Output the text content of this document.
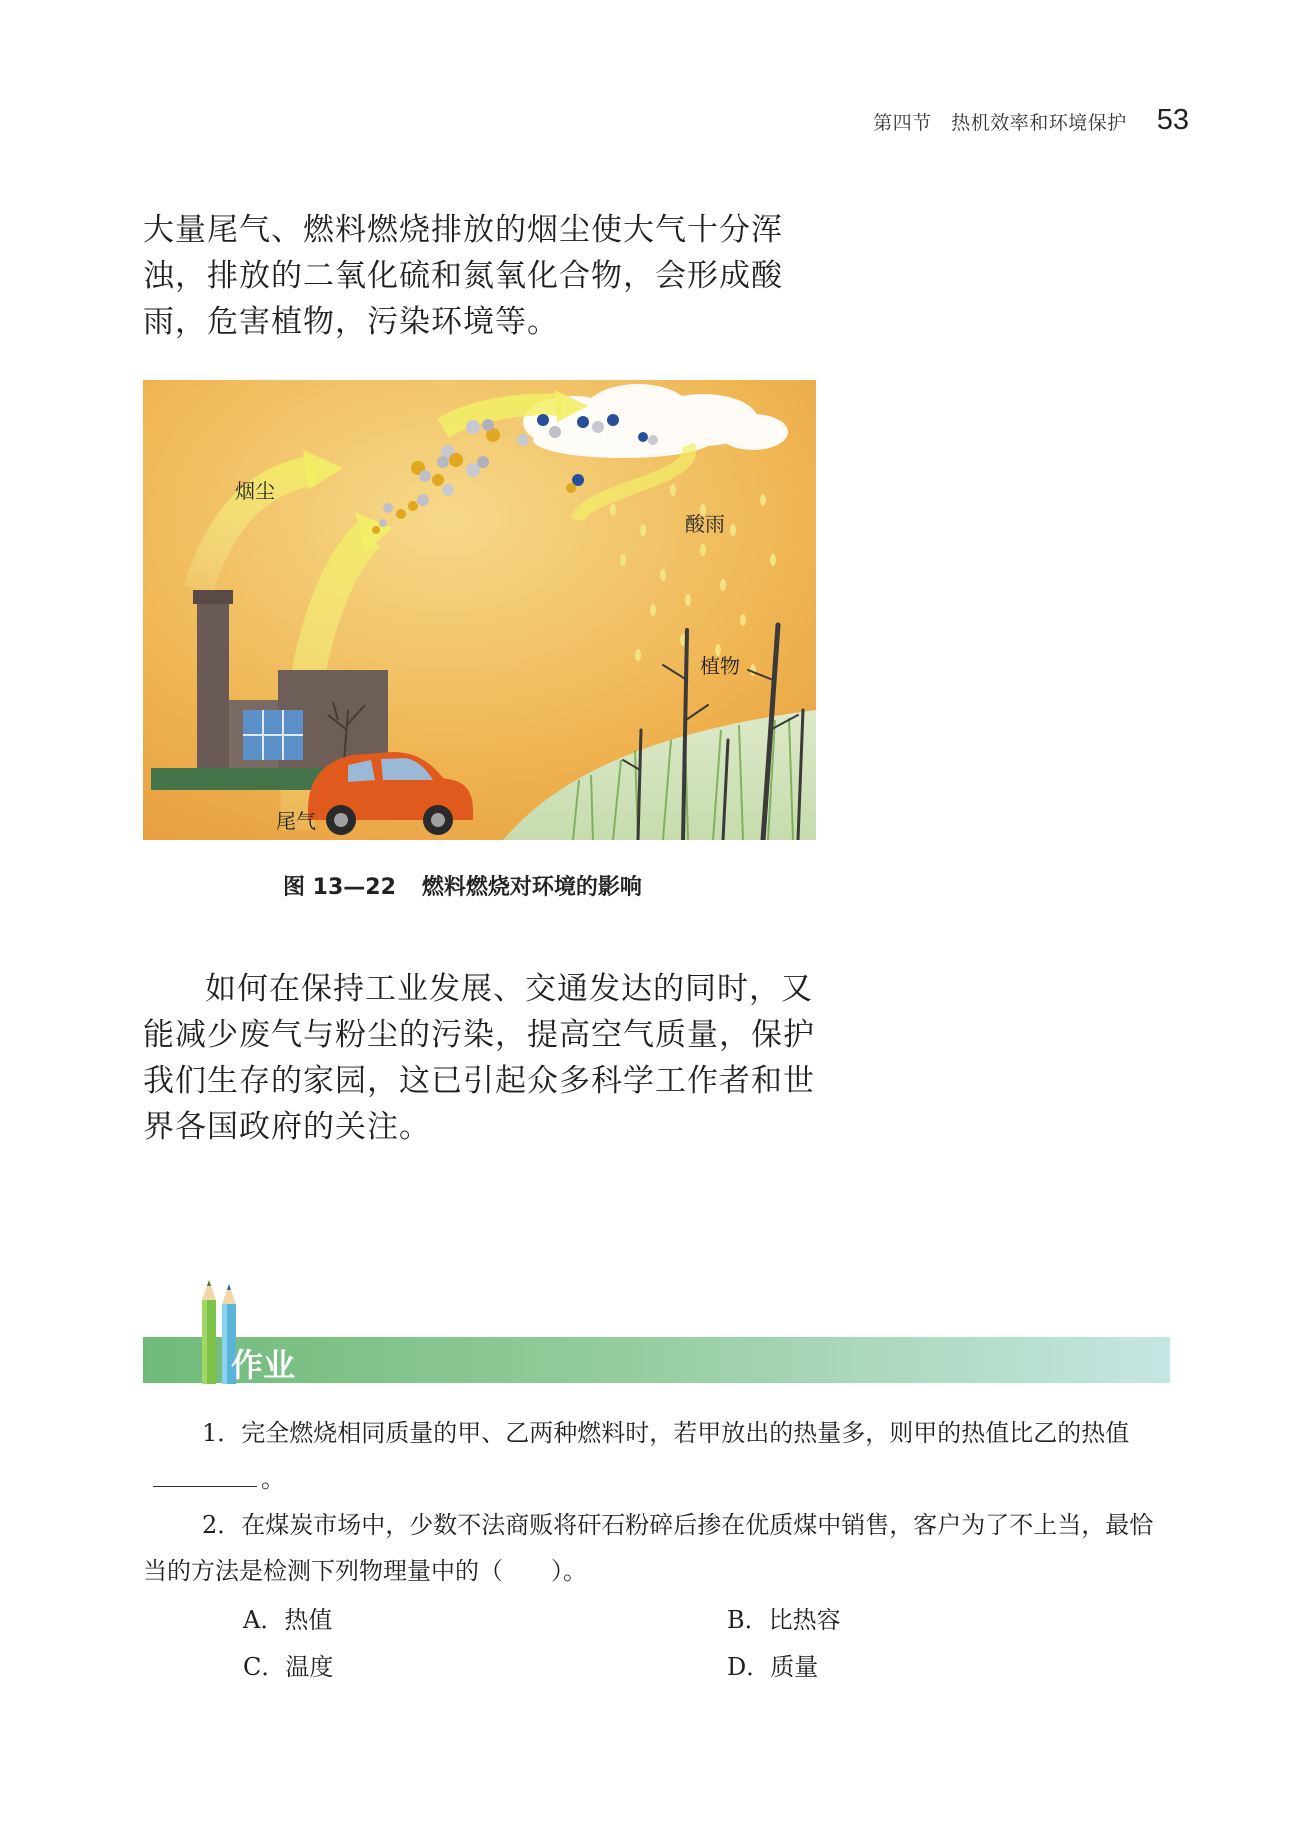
第四节　热机效率和环境保护 53

大量尾气、燃料燃烧排放的烟尘使大气十分浑浊，排放的二氧化硫和氮氧化合物，会形成酸雨，危害植物，污染环境等。

烟尘
酸雨
植物
尾气
图 13—22 燃料燃烧对环境的影响

如何在保持工业发展、交通发达的同时，又能减少废气与粉尘的污染，提高空气质量，保护我们生存的家园，这已引起众多科学工作者和世界各国政府的关注。

作业

1．完全燃烧相同质量的甲、乙两种燃料时，若甲放出的热量多，则甲的热值比乙的热值。

2．在煤炭市场中，少数不法商贩将矸石粉碎后掺在优质煤中销售，客户为了不上当，最恰当的方法是检测下列物理量中的（　　）。

A．热值	B．比热容
C．温度	D．质量
